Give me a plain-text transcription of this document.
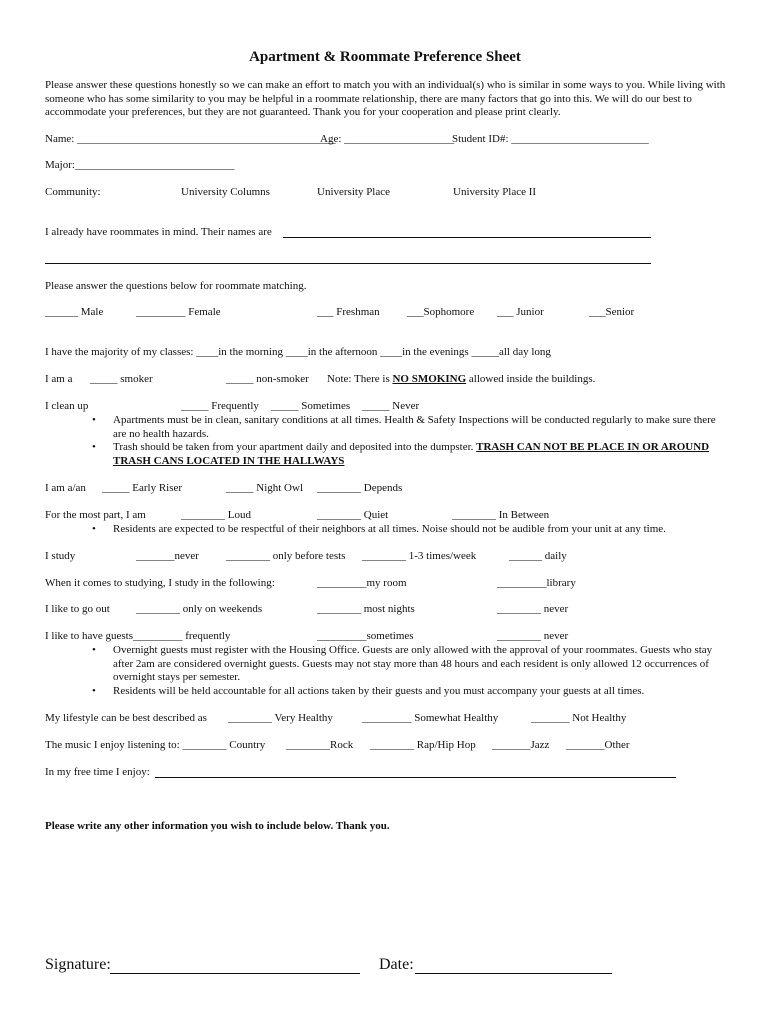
Apartment & Roommate Preference Sheet
Please answer these questions honestly so we can make an effort to match you with an individual(s) who is similar in some ways to you. While living with someone who has some similarity to you may be helpful in a roommate relationship, there are many factors that go into this. We will do our best to accommodate your preferences, but they are not guaranteed. Thank you for your cooperation and please print clearly.
Name: _______________________________________________
Age: ____________________
Student ID#: _________________________
Major:_____________________________
Community:	University Columns	University Place	University Place II
I already have roommates in mind. Their names are
Please answer the questions below for roommate matching.
______ Male	_________ Female	___ Freshman ___Sophomore ___ Junior	___Senior
I have the majority of my classes: ____in the morning ____in the afternoon ____in the evenings _____all day long
I am a _____ smoker	_____ non-smoker Note: There is NO SMOKING allowed inside the buildings.
I clean up	_____ Frequently _____ Sometimes _____ Never
• Apartments must be in clean, sanitary conditions at all times. Health & Safety Inspections will be conducted regularly to make sure there are no health hazards.
• Trash should be taken from your apartment daily and deposited into the dumpster. TRASH CAN NOT BE PLACE IN OR AROUND TRASH CANS LOCATED IN THE HALLWAYS
I am a/an _____ Early Riser	_____ Night Owl ________ Depends
For the most part, I am	________ Loud	________ Quiet	________ In Between
• Residents are expected to be respectful of their neighbors at all times. Noise should not be audible from your unit at any time.
I study	_______never ________ only before tests ________ 1-3 times/week	______ daily
When it comes to studying, I study in the following:	_________my room	_________library
I like to go out ________ only on weekends	________ most nights	________ never
I like to have guests_________ frequently	_________sometimes	________ never
• Overnight guests must register with the Housing Office. Guests are only allowed with the approval of your roommates. Guests who stay after 2am are considered overnight guests. Guests may not stay more than 48 hours and each resident is only allowed 12 occurrences of overnight stays per semester.
• Residents will be held accountable for all actions taken by their guests and you must accompany your guests at all times.
My lifestyle can be best described as ________ Very Healthy	_________ Somewhat Healthy	_______ Not Healthy
The music I enjoy listening to: ________ Country ________Rock ________ Rap/Hip Hop _______Jazz _______Other
In my free time I enjoy:
Please write any other information you wish to include below. Thank you.
Signature:	Date:
